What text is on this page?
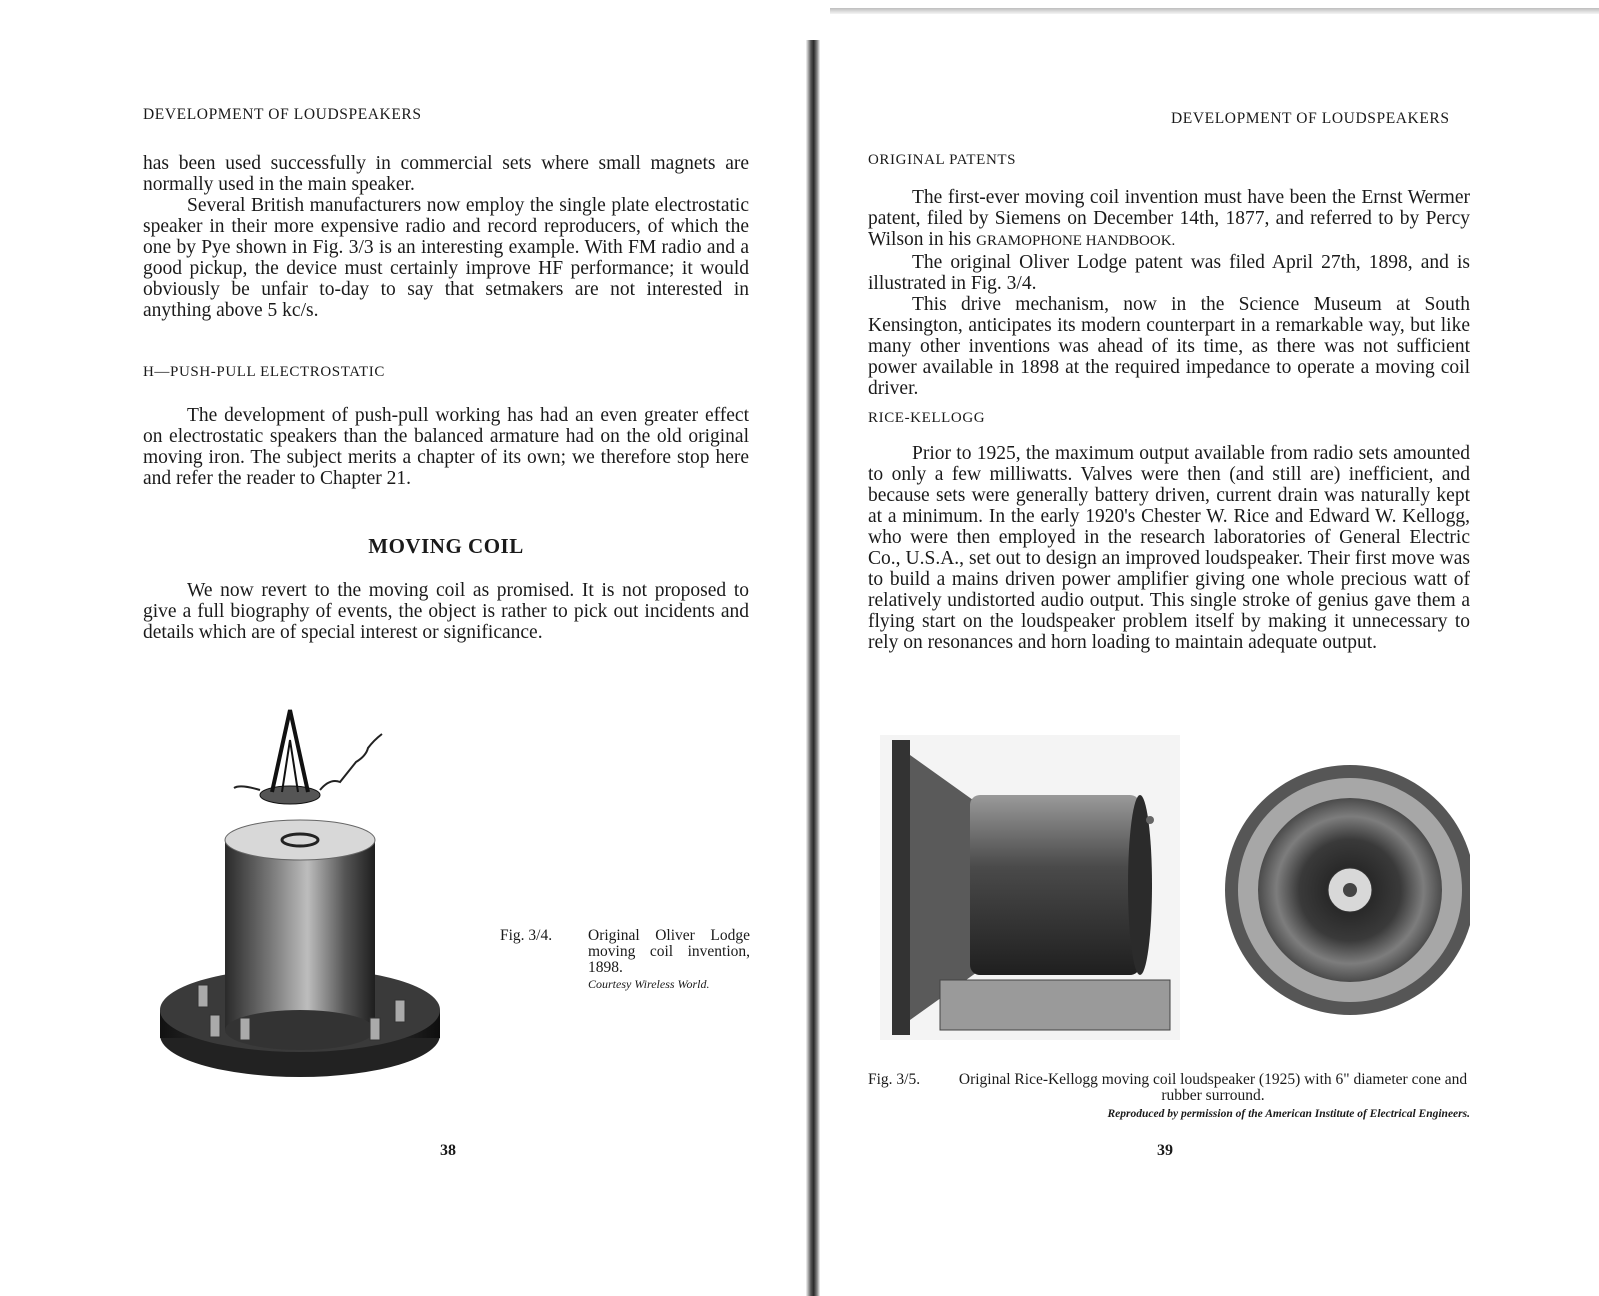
DEVELOPMENT OF LOUDSPEAKERS

has been used successfully in commercial sets where small magnets are normally used in the main speaker.

Several British manufacturers now employ the single plate electrostatic speaker in their more expensive radio and record reproducers, of which the one by Pye shown in Fig. 3/3 is an interesting example. With FM radio and a good pickup, the device must certainly improve HF performance; it would obviously be unfair to-day to say that setmakers are not interested in anything above 5 kc/s.

H—PUSH-PULL ELECTROSTATIC

The development of push-pull working has had an even greater effect on electrostatic speakers than the balanced armature had on the old original moving iron. The subject merits a chapter of its own; we therefore stop here and refer the reader to Chapter 21.

MOVING COIL

We now revert to the moving coil as promised. It is not proposed to give a full biography of events, the object is rather to pick out incidents and details which are of special interest or significance.

Fig. 3/4. Original Oliver Lodge moving coil invention, 1898.
Courtesy Wireless World.
38
DEVELOPMENT OF LOUDSPEAKERS
ORIGINAL PATENTS

The first-ever moving coil invention must have been the Ernst Wermer patent, filed by Siemens on December 14th, 1877, and referred to by Percy Wilson in his GRAMOPHONE HANDBOOK.

The original Oliver Lodge patent was filed April 27th, 1898, and is illustrated in Fig. 3/4.

This drive mechanism, now in the Science Museum at South Kensington, anticipates its modern counterpart in a remarkable way, but like many other inventions was ahead of its time, as there was not sufficient power available in 1898 at the required impedance to operate a moving coil driver.

RICE-KELLOGG

Prior to 1925, the maximum output available from radio sets amounted to only a few milliwatts. Valves were then (and still are) inefficient, and because sets were generally battery driven, current drain was naturally kept at a minimum. In the early 1920's Chester W. Rice and Edward W. Kellogg, who were then employed in the research laboratories of General Electric Co., U.S.A., set out to design an improved loudspeaker. Their first move was to build a mains driven power amplifier giving one whole precious watt of relatively undistorted audio output. This single stroke of genius gave them a flying start on the loudspeaker problem itself by making it unnecessary to rely on resonances and horn loading to maintain adequate output.

Fig. 3/5.	Original Rice-Kellogg moving coil loudspeaker (1925) with 6" diameter cone and rubber surround.
Reproduced by permission of the American Institute of Electrical Engineers.
39
